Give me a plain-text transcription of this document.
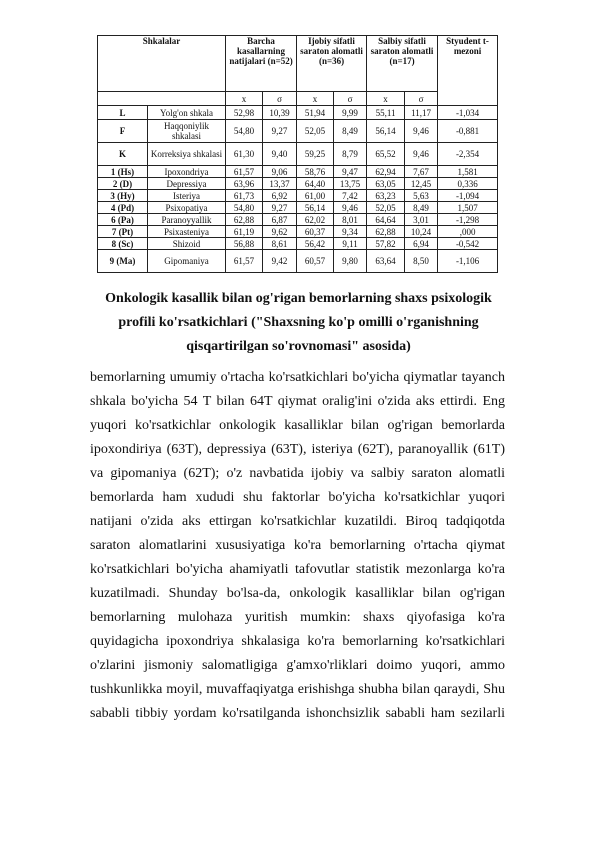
Shkalalar		Barcha kasallarning natijalari (n=52)		Ijobiy sifatli saraton alomatli (n=36)		Salbiy sifatli saraton alomatli (n=17)		Styudent t-mezoni
		x	σ	x	σ	x	σ	
L	Yolg'on shkala	52,98	10,39	51,94	9,99	55,11	11,17	-1,034
F	Haqqoniylik shkalasi	54,80	9,27	52,05	8,49	56,14	9,46	-0,881
K	Korreksiya shkalasi	61,30	9,40	59,25	8,79	65,52	9,46	-2,354
1 (Hs)	Ipoxondriya	61,57	9,06	58,76	9,47	62,94	7,67	1,581
2 (D)	Depressiya	63,96	13,37	64,40	13,75	63,05	12,45	0,336
3 (Hy)	Isteriya	61,73	6,92	61,00	7,42	63,23	5,63	-1,094
4 (Pd)	Psixopatiya	54,80	9,27	56,14	9,46	52,05	8,49	1,507
6 (Pa)	Paranoyyallik	62,88	6,87	62,02	8,01	64,64	3,01	-1,298
7 (Pt)	Psixasteniya	61,19	9,62	60,37	9,34	62,88	10,24	,000
8 (Sc)	Shizoid	56,88	8,61	56,42	9,11	57,82	6,94	-0,542
9 (Ma)	Gipomaniya	61,57	9,42	60,57	9,80	63,64	8,50	-1,106
Onkologik kasallik bilan og'rigan bemorlarning shaxs psixologik
profili ko'rsatkichlari ("Shaxsning ko'p omilli o'rganishning
qisqartirilgan so'rovnomasi" asosida)
bemorlarning umumiy o'rtacha ko'rsatkichlari bo'yicha qiymatlar tayanch
shkala bo'yicha 54 T bilan 64T qiymat oralig'ini o'zida aks ettirdi. Eng
yuqori ko'rsatkichlar onkologik kasalliklar bilan og'rigan bemorlarda
ipoxondiriya (63T), depressiya (63T), isteriya (62T), paranoyallik (61T)
va gipomaniya (62T); o'z navbatida ijobiy va salbiy saraton alomatli
bemorlarda ham xududi shu faktorlar bo'yicha ko'rsatkichlar yuqori
natijani o'zida aks ettirgan ko'rsatkichlar kuzatildi. Biroq tadqiqotda
saraton alomatlarini xususiyatiga ko'ra bemorlarning o'rtacha qiymat
ko'rsatkichlari bo'yicha ahamiyatli tafovutlar statistik mezonlarga ko'ra
kuzatilmadi. Shunday bo'lsa-da, onkologik kasalliklar bilan og'rigan
bemorlarning mulohaza yuritish mumkin: shaxs qiyofasiga ko'ra
quyidagicha ipoxondriya shkalasiga ko'ra bemorlarning ko'rsatkichlari
o'zlarini jismoniy salomatligiga g'amxo'rliklari doimo yuqori, ammo
tushkunlikka moyil, muvaffaqiyatga erishishga shubha bilan qaraydi, Shu
sababli tibbiy yordam ko'rsatilganda ishonchsizlik sababli ham sezilarli
